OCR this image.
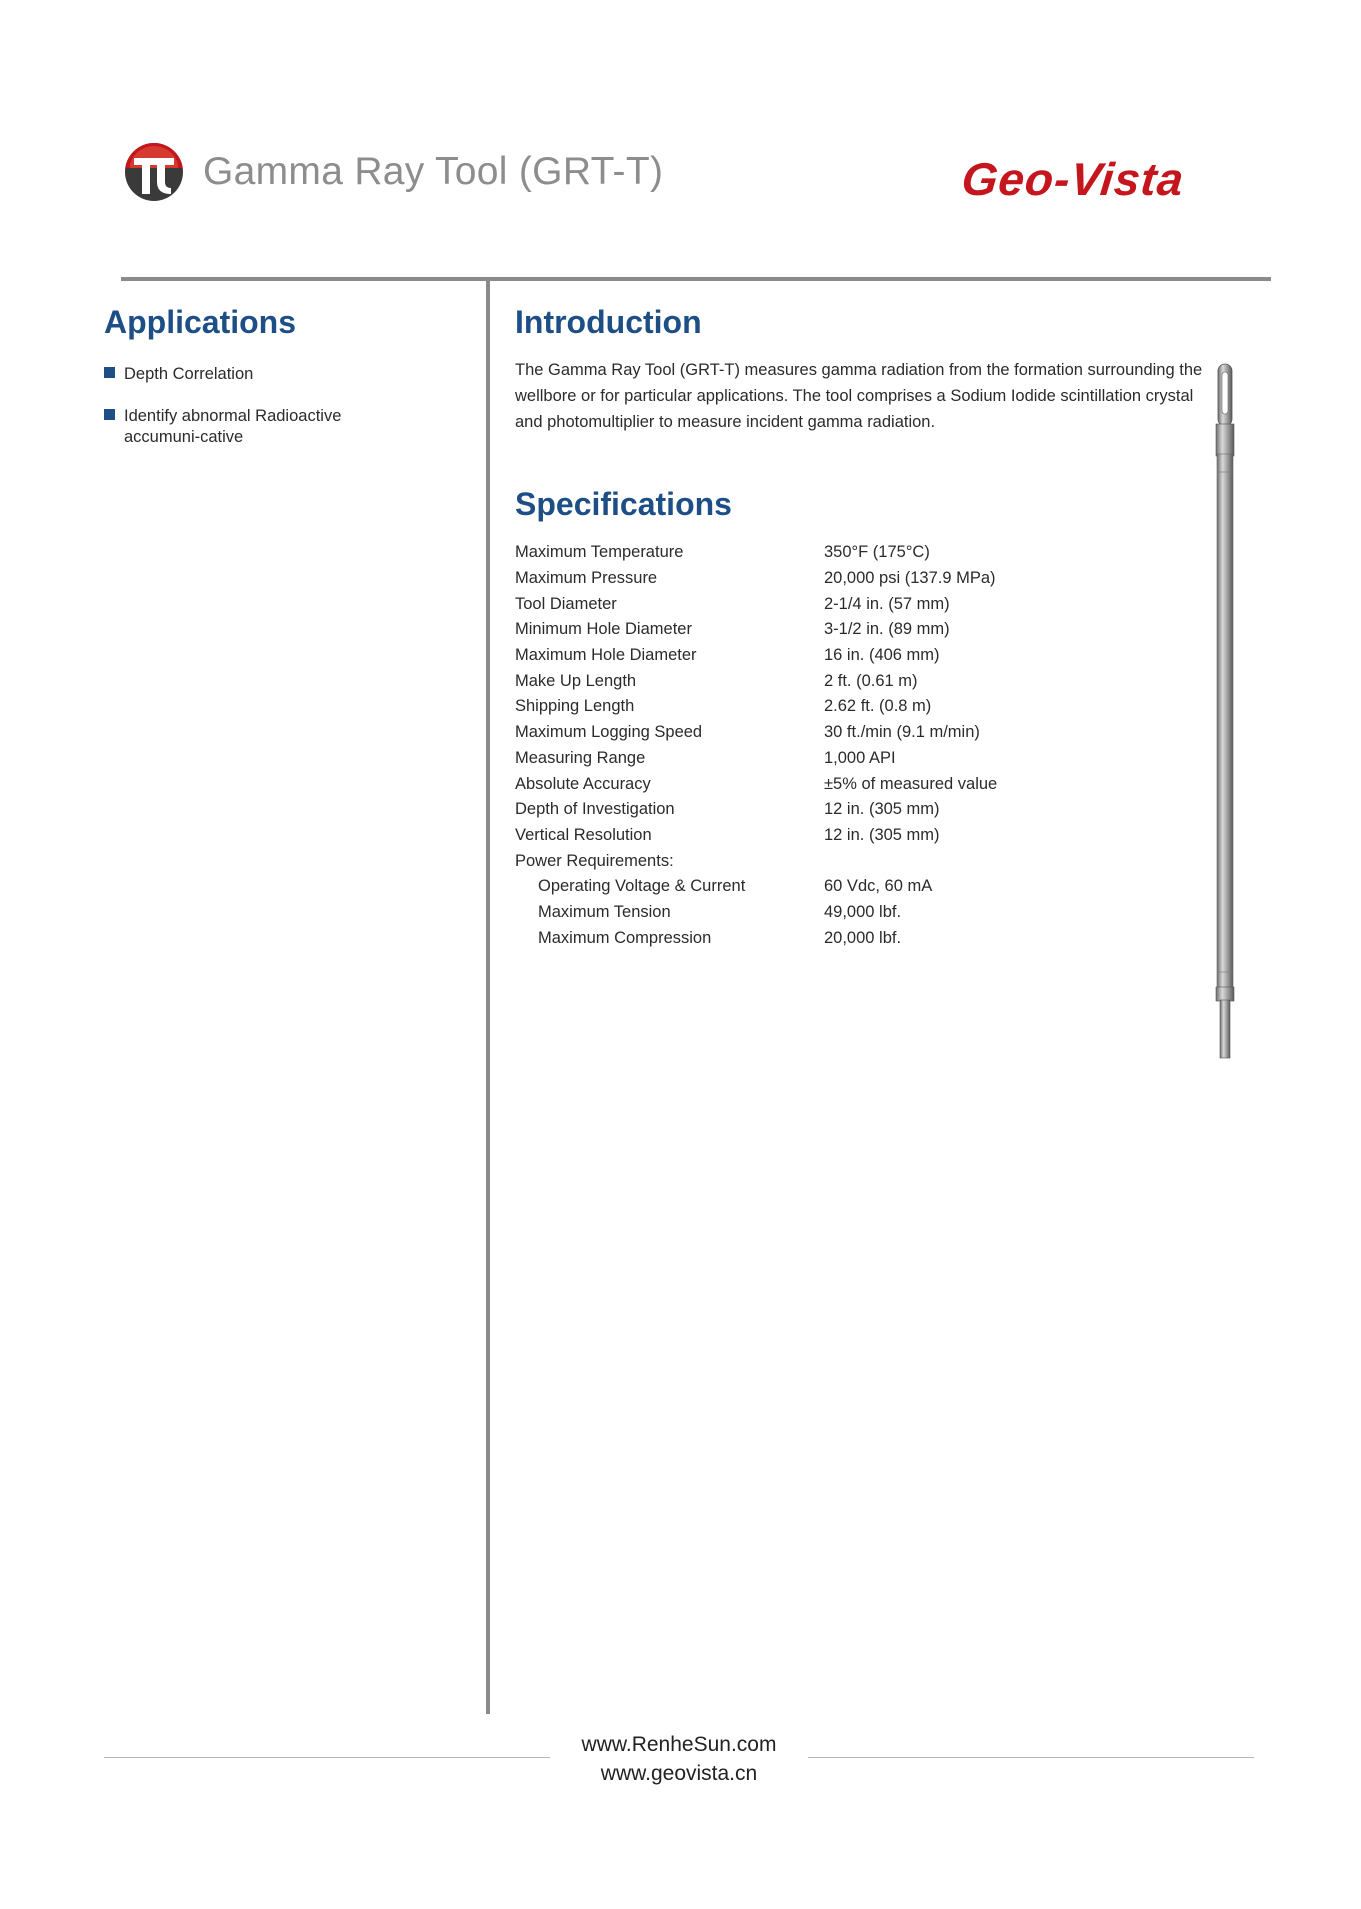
Gamma Ray Tool (GRT-T)	Geo-Vista
Applications
Depth Correlation
Identify abnormal Radioactive accumuni-cative
Introduction

The Gamma Ray Tool (GRT-T) measures gamma radiation from the formation surrounding the wellbore or for particular applications. The tool comprises a Sodium Iodide scintillation crystal and photomultiplier to measure incident gamma radiation.

Specifications
Maximum Temperature	350°F (175°C)
Maximum Pressure	20,000 psi (137.9 MPa)
Tool Diameter	2-1/4 in. (57 mm)
Minimum Hole Diameter	3-1/2 in. (89 mm)
Maximum Hole Diameter	16 in. (406 mm)
Make Up Length	2 ft. (0.61 m)
Shipping Length	2.62 ft. (0.8 m)
Maximum Logging Speed	30 ft./min (9.1 m/min)
Measuring Range	1,000 API
Absolute Accuracy	±5% of measured value
Depth of Investigation	12 in. (305 mm)
Vertical Resolution	12 in. (305 mm)
Power Requirements:	
Operating Voltage & Current	60 Vdc, 60 mA
Maximum Tension	49,000 lbf.
Maximum Compression	20,000 lbf.
www.RenheSun.com
www.geovista.cn
